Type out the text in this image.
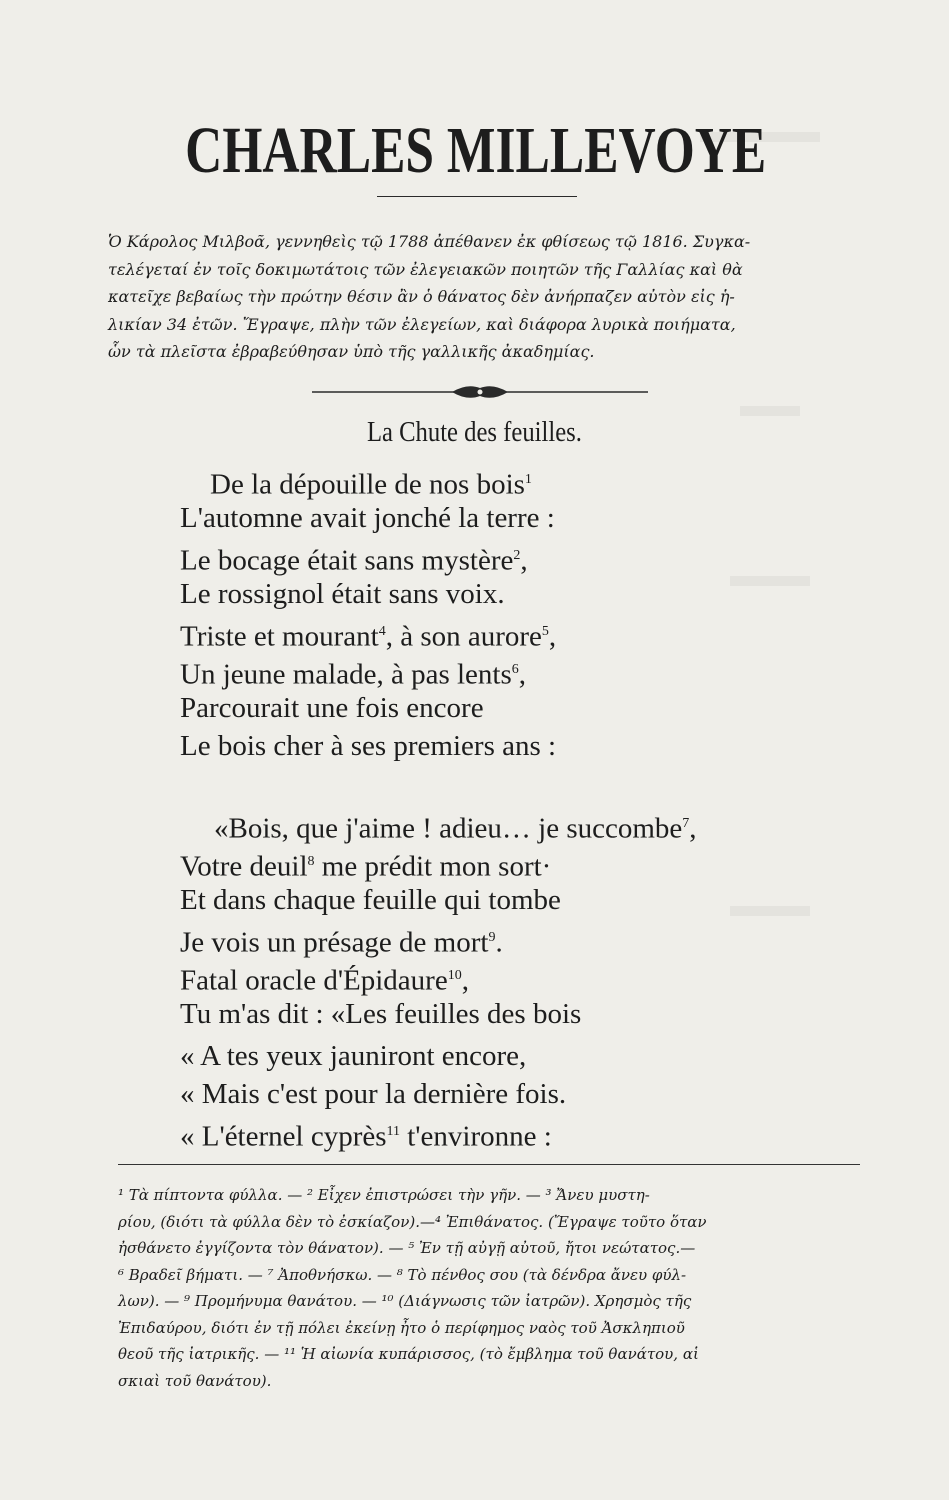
CHARLES MILLEVOYE
Ὁ Κάρολος Μιλβοᾶ, γεννηθεὶς τῷ 1788 ἀπέθανεν ἐκ φθίσεως τῷ 1816. Συγκα-
τελέγεταί ἐν τοῖς δοκιμωτάτοις τῶν ἐλεγειακῶν ποιητῶν τῆς Γαλλίας καὶ θὰ
κατεῖχε βεβαίως τὴν πρώτην θέσιν ἂν ὁ θάνατος δὲν ἀνήρπαζεν αὐτὸν εἰς ἡ-
λικίαν 34 ἐτῶν. Ἔγραψε, πλὴν τῶν ἐλεγείων, καὶ διάφορα λυρικὰ ποιήματα,
ὧν τὰ πλεῖστα ἐβραβεύθησαν ὑπὸ τῆς γαλλικῆς ἀκαδημίας.
La Chute des feuilles.
De la dépouille de nos bois$^1$
L'automne avait jonché la terre :
Le bocage était sans mystère$^2$,
Le rossignol était sans voix.
Triste et mourant$^4$, à son aurore$^5$,
Un jeune malade, à pas lents$^6$,
Parcourait une fois encore
Le bois cher à ses premiers ans :
«Bois, que j'aime ! adieu… je succombe$^7$,
Votre deuil$^8$ me prédit mon sort·
Et dans chaque feuille qui tombe
Je vois un présage de mort$^9$.
Fatal oracle d'Épidaure$^{10}$,
Tu m'as dit : «Les feuilles des bois
« A tes yeux jauniront encore,
« Mais c'est pour la dernière fois.
« L'éternel cyprès$^{11}$ t'environne :
¹ Τὰ πίπτοντα φύλλα. — ² Εἶχεν ἐπιστρώσει τὴν γῆν. — ³ Ἄνευ μυστη-
ρίου, (διότι τὰ φύλλα δὲν τὸ ἐσκίαζον).—⁴ Ἐπιθάνατος. (Ἔγραψε τοῦτο ὅταν
ἠσθάνετο ἐγγίζοντα τὸν θάνατον). — ⁵ Ἐν τῇ αὐγῇ αὐτοῦ, ἤτοι νεώτατος.—
⁶ Βραδεῖ βήματι. — ⁷ Ἀποθνήσκω. — ⁸ Τὸ πένθος σου (τὰ δένδρα ἄνευ φύλ-
λων). — ⁹ Προμήνυμα θανάτου. — ¹⁰ (Διάγνωσις τῶν ἰατρῶν). Χρησμὸς τῆς
Ἐπιδαύρου, διότι ἐν τῇ πόλει ἐκείνῃ ἦτο ὁ περίφημος ναὸς τοῦ Ἀσκληπιοῦ
θεοῦ τῆς ἰατρικῆς. — ¹¹ Ἡ αἰωνία κυπάρισσος, (τὸ ἔμβλημα τοῦ θανάτου, αἱ
σκιαὶ τοῦ θανάτου).
